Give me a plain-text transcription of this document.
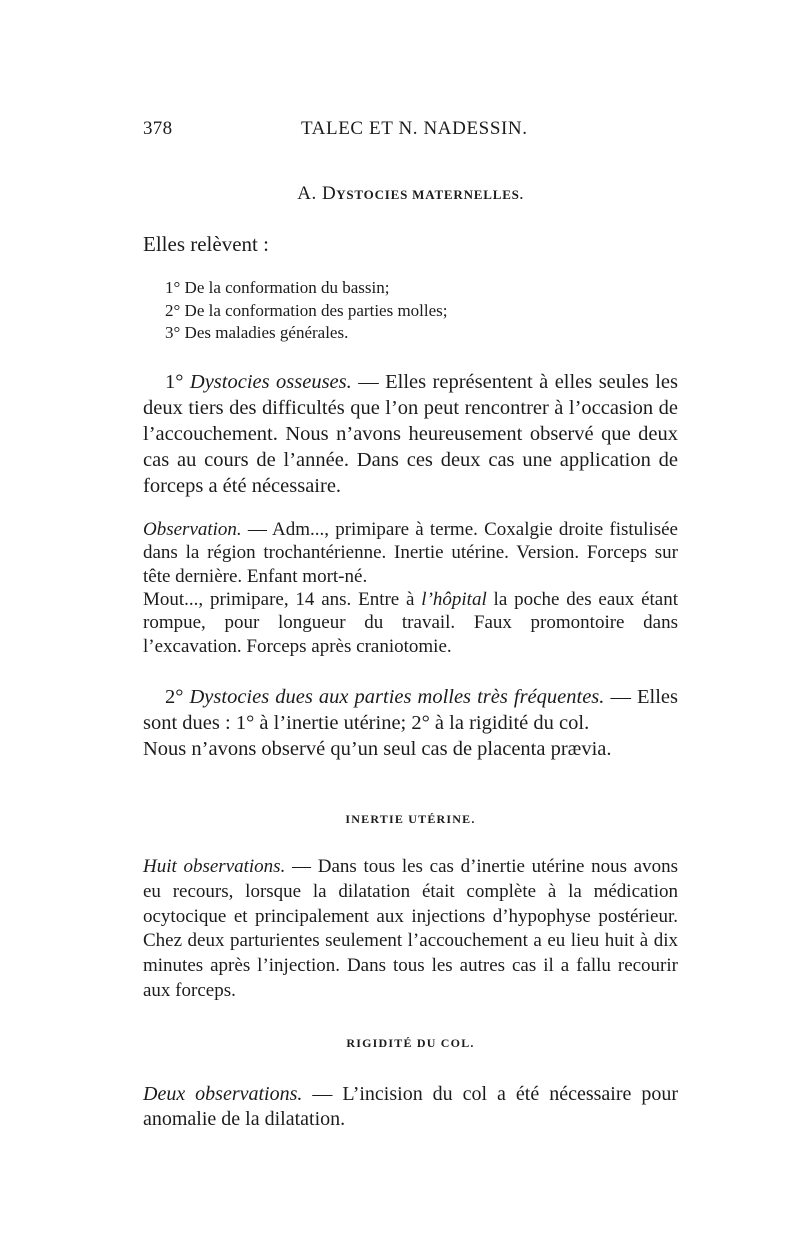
378	TALEC ET N. NADESSIN.
A. DYSTOCIES MATERNELLES.

Elles relèvent :

1° De la conformation du bassin;
2° De la conformation des parties molles;
3° Des maladies générales.

1° Dystocies osseuses. — Elles représentent à elles seules les deux tiers des difficultés que l’on peut rencontrer à l’occasion de l’accouchement. Nous n’avons heureusement observé que deux cas au cours de l’année. Dans ces deux cas une application de forceps a été nécessaire.

Observation. — Adm..., primipare à terme. Coxalgie droite fistulisée dans la région trochantérienne. Inertie utérine. Version. Forceps sur tête dernière. Enfant mort-né.

Mout..., primipare, 14 ans. Entre à l’hôpital la poche des eaux étant rompue, pour longueur du travail. Faux promontoire dans l’excavation. Forceps après craniotomie.

2° Dystocies dues aux parties molles très fréquentes. — Elles sont dues : 1° à l’inertie utérine; 2° à la rigidité du col.

Nous n’avons observé qu’un seul cas de placenta prævia.

INERTIE UTÉRINE.

Huit observations. — Dans tous les cas d’inertie utérine nous avons eu recours, lorsque la dilatation était complète à la médication ocytocique et principalement aux injections d’hypophyse postérieur. Chez deux parturientes seulement l’accouchement a eu lieu huit à dix minutes après l’injection. Dans tous les autres cas il a fallu recourir aux forceps.

RIGIDITÉ DU COL.

Deux observations. — L’incision du col a été nécessaire pour anomalie de la dilatation.
